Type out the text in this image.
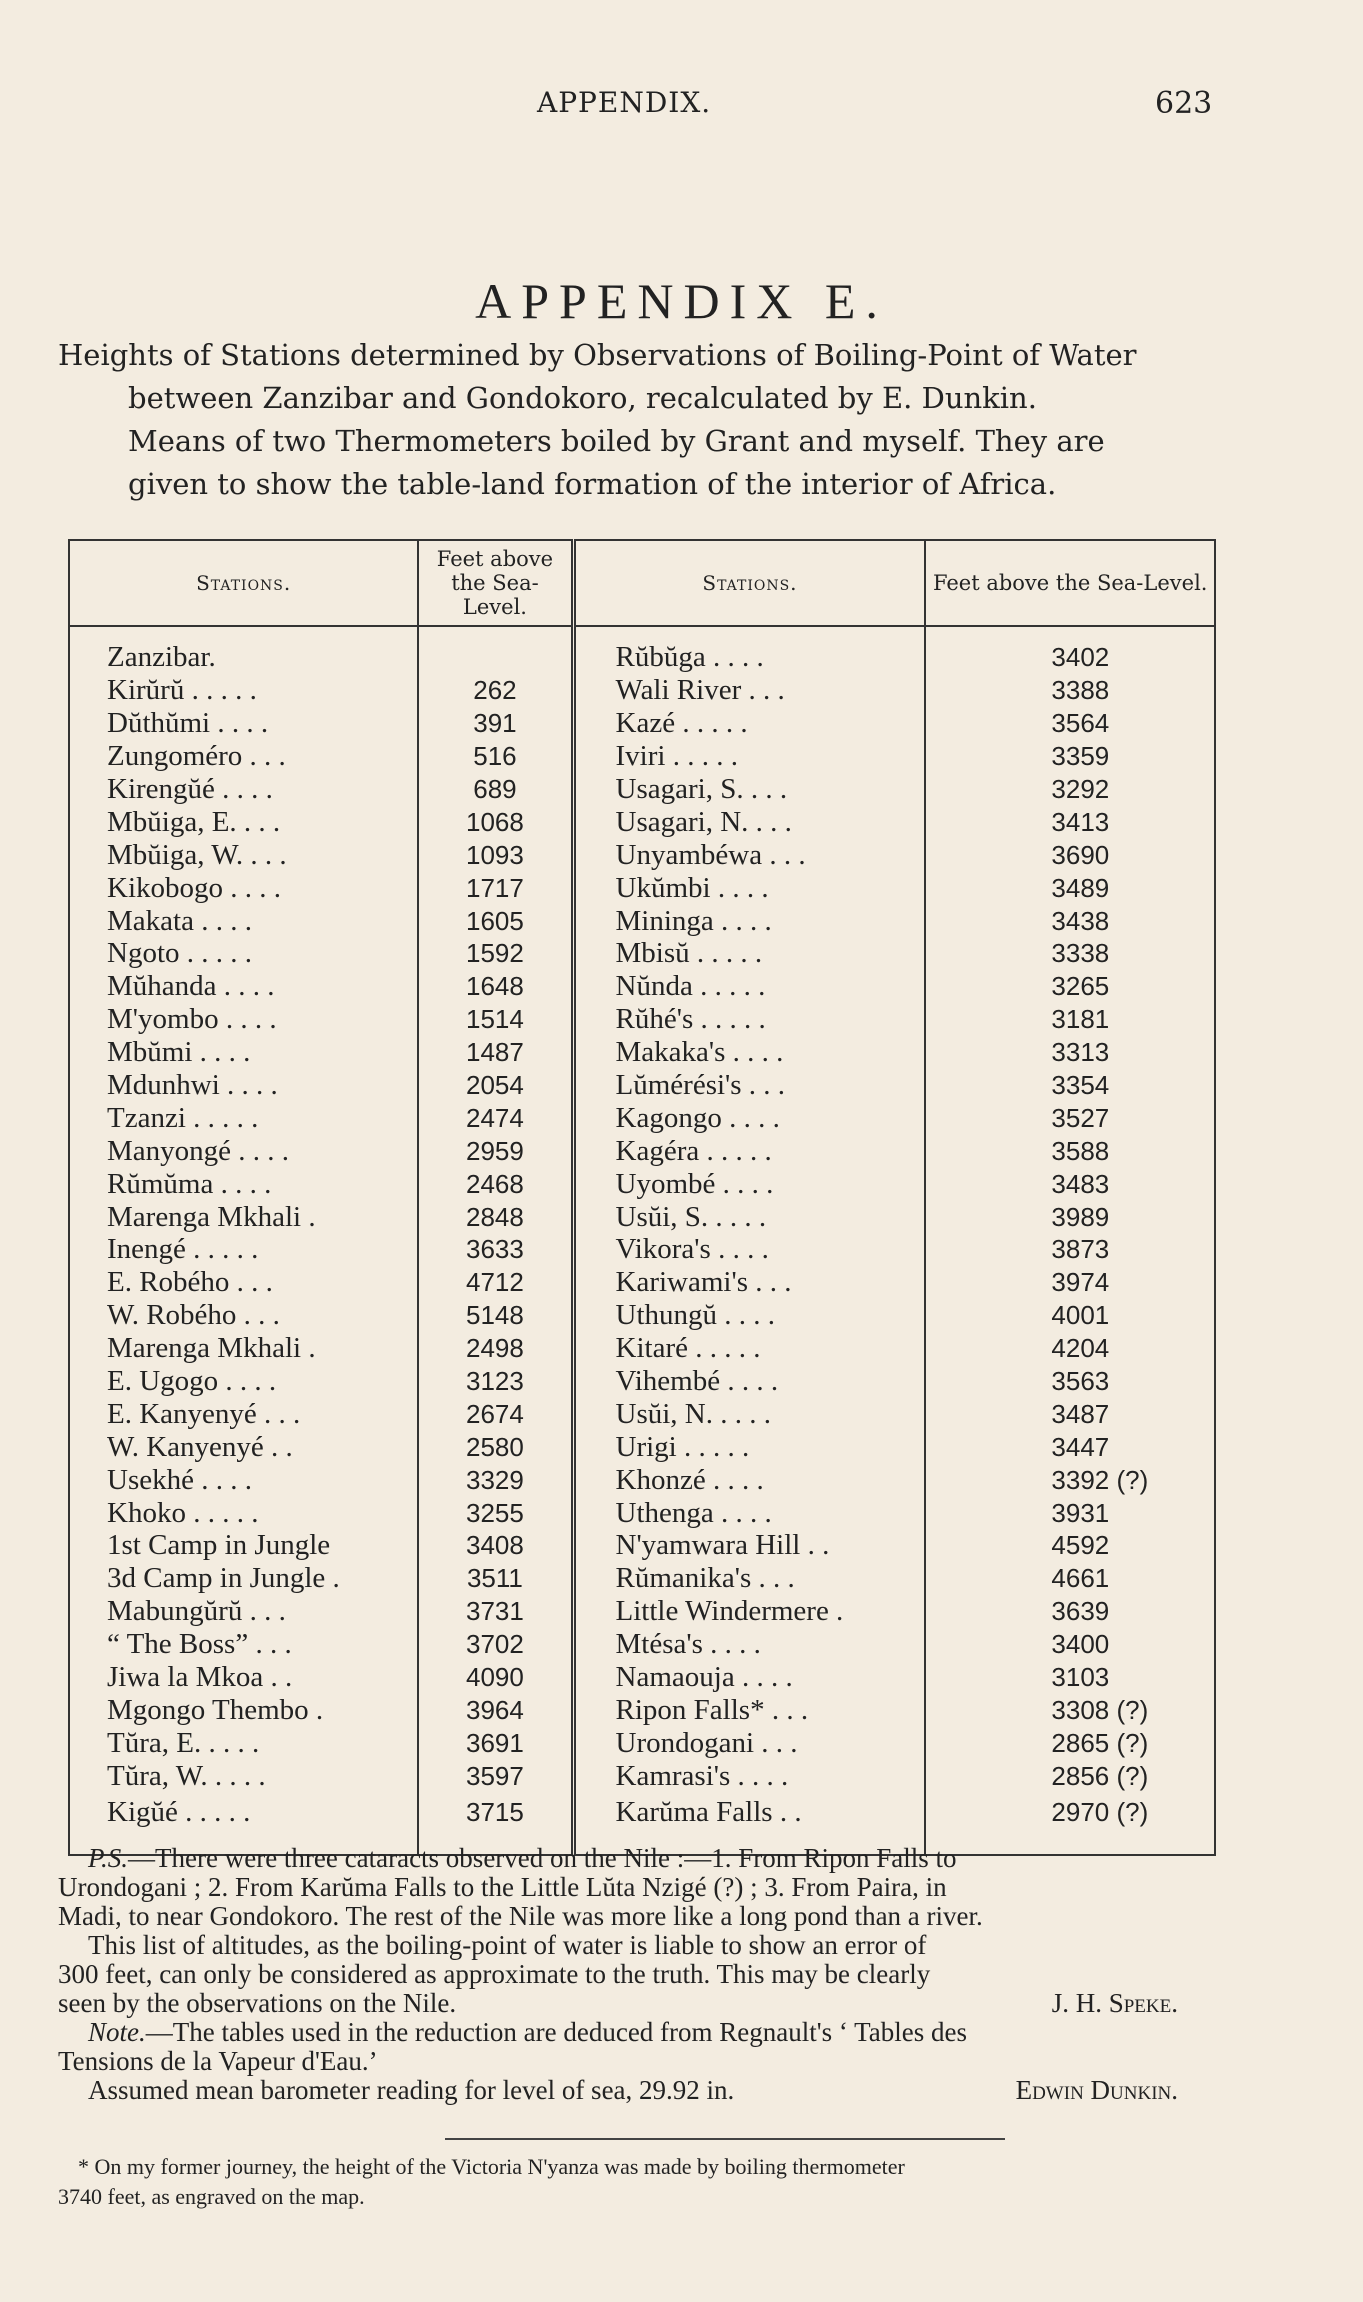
APPENDIX.	623
APPENDIX E.
Heights of Stations determined by Observations of Boiling-Point of Water
between Zanzibar and Gondokoro, recalculated by E. Dunkin.
Means of two Thermometers boiled by Grant and myself. They are
given to show the table-land formation of the interior of Africa.
Stations.	Feet above the Sea-Level.	Stations.	Feet above the Sea-Level.
Zanzibar.		Rŭbŭga . . . .	3402
Kirŭrŭ . . . . .	262	Wali River . . .	3388
Dŭthŭmi . . . .	391	Kazé . . . . .	3564
Zungoméro . . .	516	Iviri . . . . .	3359
Kirengŭé . . . .	689	Usagari, S. . . .	3292
Mbŭiga, E. . . .	1068	Usagari, N. . . .	3413
Mbŭiga, W. . . .	1093	Unyambéwa . . .	3690
Kikobogo . . . .	1717	Ukŭmbi . . . .	3489
Makata . . . .	1605	Mininga . . . .	3438
Ngoto . . . . .	1592	Mbisŭ . . . . .	3338
Mŭhanda . . . .	1648	Nŭnda . . . . .	3265
M'yombo . . . .	1514	Rŭhé's . . . . .	3181
Mbŭmi . . . .	1487	Makaka's . . . .	3313
Mdunhwi . . . .	2054	Lŭmérési's . . .	3354
Tzanzi . . . . .	2474	Kagongo . . . .	3527
Manyongé . . . .	2959	Kagéra . . . . .	3588
Rŭmŭma . . . .	2468	Uyombé . . . .	3483
Marenga Mkhali .	2848	Usŭi, S. . . . .	3989
Inengé . . . . .	3633	Vikora's . . . .	3873
E. Robého . . .	4712	Kariwami's . . .	3974
W. Robého . . .	5148	Uthungŭ . . . .	4001
Marenga Mkhali .	2498	Kitaré . . . . .	4204
E. Ugogo . . . .	3123	Vihembé . . . .	3563
E. Kanyenyé . . .	2674	Usŭi, N. . . . .	3487
W. Kanyenyé . .	2580	Urigi . . . . .	3447
Usekhé . . . .	3329	Khonzé . . . .	3392 (?)
Khoko . . . . .	3255	Uthenga . . . .	3931
1st Camp in Jungle	3408	N'yamwara Hill . .	4592
3d Camp in Jungle .	3511	Rŭmanika's . . .	4661
Mabungŭrŭ . . .	3731	Little Windermere .	3639
“ The Boss” . . .	3702	Mtésa's . . . .	3400
Jiwa la Mkoa . .	4090	Namaouja . . . .	3103
Mgongo Thembo .	3964	Ripon Falls* . . .	3308 (?)
Tŭra, E. . . . .	3691	Urondogani . . .	2865 (?)
Tŭra, W. . . . .	3597	Kamrasi's . . . .	2856 (?)
Kigŭé . . . . .	3715	Karŭma Falls . .	2970 (?)

P.S.—There were three cataracts observed on the Nile :—1. From Ripon Falls to

Urondogani ; 2. From Karŭma Falls to the Little Lŭta Nzigé (?) ; 3. From Paira, in

Madi, to near Gondokoro. The rest of the Nile was more like a long pond than a river.

This list of altitudes, as the boiling-point of water is liable to show an error of

300 feet, can only be considered as approximate to the truth. This may be clearly

seen by the observations on the Nile.	J. H. Speke.

Note.—The tables used in the reduction are deduced from Regnault's ‘ Tables des

Tensions de la Vapeur d'Eau.’

Assumed mean barometer reading for level of sea, 29.92 in.	Edwin Dunkin.

* On my former journey, the height of the Victoria N'yanza was made by boiling thermometer

3740 feet, as engraved on the map.
